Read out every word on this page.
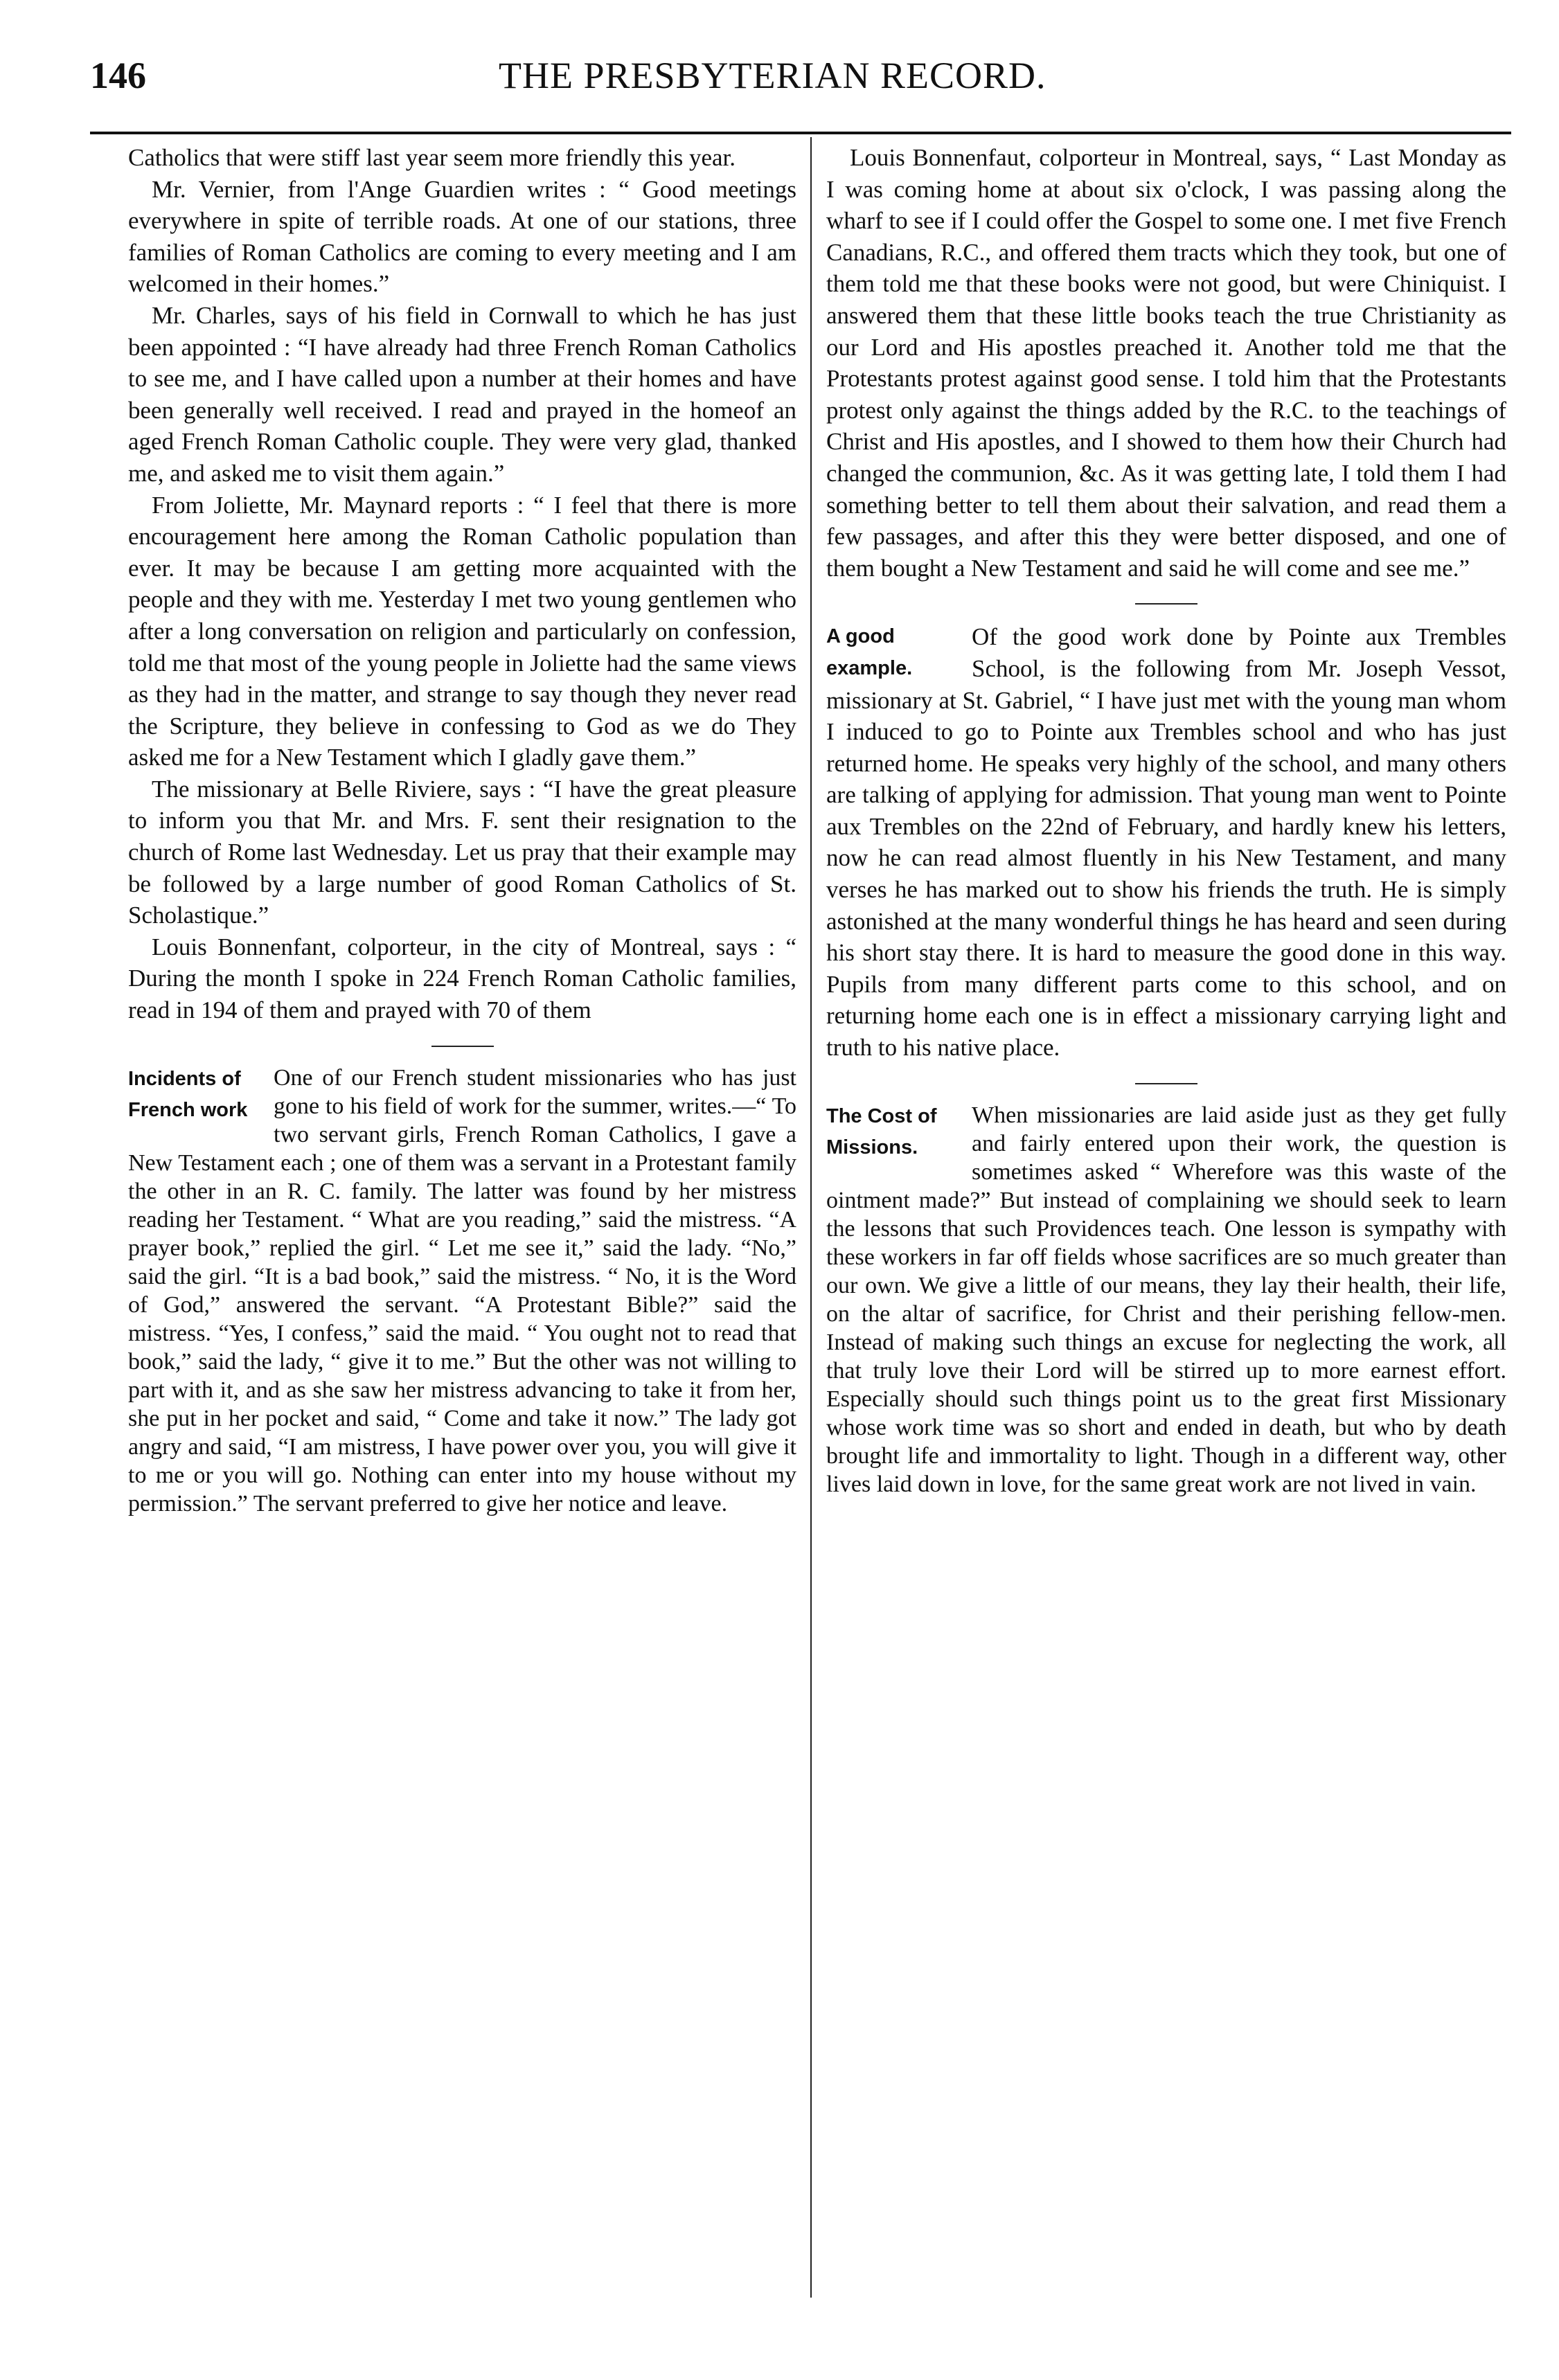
146	THE PRESBYTERIAN RECORD.

Catholics that were stiff last year seem more friendly this year.

Mr. Vernier, from l'Ange Guardien writes : “ Good meetings everywhere in spite of terrible roads. At one of our stations, three families of Roman Catholics are coming to every meeting and I am welcomed in their homes.”

Mr. Charles, says of his field in Cornwall to which he has just been appointed : “I have already had three French Roman Catholics to see me, and I have called upon a number at their homes and have been generally well received. I read and prayed in the homeof an aged French Roman Catholic couple. They were very glad, thanked me, and asked me to visit them again.”

From Joliette, Mr. Maynard reports : “ I feel that there is more encouragement here among the Roman Catholic population than ever. It may be because I am getting more acquainted with the people and they with me. Yesterday I met two young gentlemen who after a long conversation on religion and particularly on confession, told me that most of the young people in Joliette had the same views as they had in the matter, and strange to say though they never read the Scripture, they believe in confessing to God as we do They asked me for a New Testament which I gladly gave them.”

The missionary at Belle Riviere, says : “I have the great pleasure to inform you that Mr. and Mrs. F. sent their resignation to the church of Rome last Wednesday. Let us pray that their example may be followed by a large number of good Roman Catholics of St. Scholastique.”

Louis Bonnenfant, colporteur, in the city of Montreal, says : “ During the month I spoke in 224 French Roman Catholic families, read in 194 of them and prayed with 70 of them

Incidents of
French work

One of our French student missionaries who has just gone to his field of work for the summer, writes.—“ To two servant girls, French Roman Catholics, I gave a New Testament each ; one of them was a servant in a Protestant family the other in an R. C. family. The latter was found by her mistress reading her Testament. “ What are you reading,” said the mistress. “A prayer book,” replied the girl. “ Let me see it,” said the lady. “No,” said the girl. “It is a bad book,” said the mistress. “ No, it is the Word of God,” answered the servant. “A Protestant Bible?” said the mistress. “Yes, I confess,” said the maid. “ You ought not to read that book,” said the lady, “ give it to me.” But the other was not willing to part with it, and as she saw her mistress advancing to take it from her, she put in her pocket and said, “ Come and take it now.” The lady got angry and said, “I am mistress, I have power over you, you will give it to me or you will go. Nothing can enter into my house without my permission.” The servant preferred to give her notice and leave.

Louis Bonnenfaut, colporteur in Montreal, says, “ Last Monday as I was coming home at about six o'clock, I was passing along the wharf to see if I could offer the Gospel to some one. I met five French Canadians, R.C., and offered them tracts which they took, but one of them told me that these books were not good, but were Chiniquist. I answered them that these little books teach the true Christianity as our Lord and His apostles preached it. Another told me that the Protestants protest against good sense. I told him that the Protestants protest only against the things added by the R.C. to the teachings of Christ and His apostles, and I showed to them how their Church had changed the communion, &c. As it was getting late, I told them I had something better to tell them about their salvation, and read them a few passages, and after this they were better disposed, and one of them bought a New Testament and said he will come and see me.”

A good
example.

Of the good work done by Pointe aux Trembles School, is the following from Mr. Joseph Vessot, missionary at St. Gabriel, “ I have just met with the young man whom I induced to go to Pointe aux Trembles school and who has just returned home. He speaks very highly of the school, and many others are talking of applying for admission. That young man went to Pointe aux Trembles on the 22nd of February, and hardly knew his letters, now he can read almost fluently in his New Testament, and many verses he has marked out to show his friends the truth. He is simply astonished at the many wonderful things he has heard and seen during his short stay there. It is hard to measure the good done in this way. Pupils from many different parts come to this school, and on returning home each one is in effect a missionary carrying light and truth to his native place.

The Cost of
Missions.

When missionaries are laid aside just as they get fully and fairly entered upon their work, the question is sometimes asked “ Wherefore was this waste of the ointment made?” But instead of complaining we should seek to learn the lessons that such Providences teach. One lesson is sympathy with these workers in far off fields whose sacrifices are so much greater than our own. We give a little of our means, they lay their health, their life, on the altar of sacrifice, for Christ and their perishing fellow-men. Instead of making such things an excuse for neglecting the work, all that truly love their Lord will be stirred up to more earnest effort. Especially should such things point us to the great first Missionary whose work time was so short and ended in death, but who by death brought life and immortality to light. Though in a different way, other lives laid down in love, for the same great work are not lived in vain.
